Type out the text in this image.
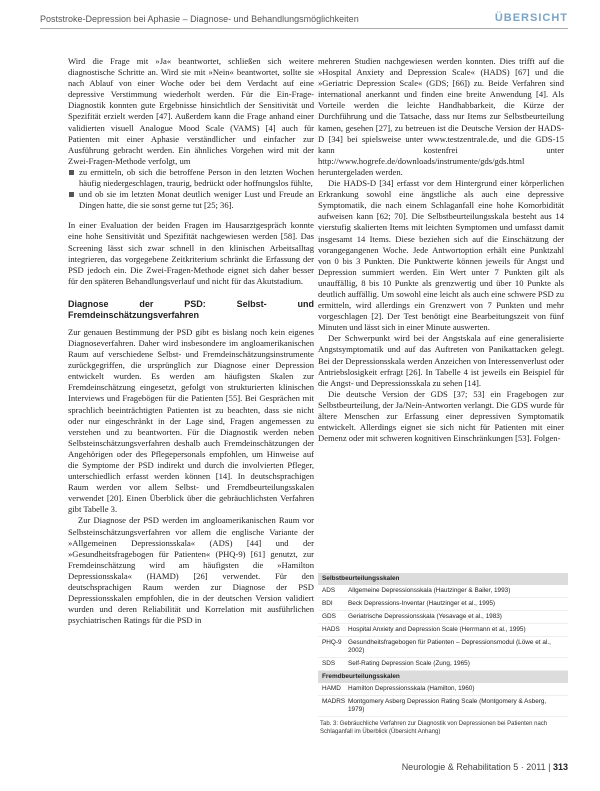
Poststroke-Depression bei Aphasie – Diagnose- und Behandlungsmöglichkeiten	ÜBERSICHT

Wird die Frage mit »Ja« beantwortet, schließen sich weitere diagnostische Schritte an. Wird sie mit »Nein« beantwortet, sollte sie nach Ablauf von einer Woche oder bei dem Verdacht auf eine depressive Verstimmung wiederholt werden. Für die Ein-Frage-Diagnostik konnten gute Ergebnisse hinsichtlich der Sensitivität und Spezifität erzielt werden [47]. Außerdem kann die Frage anhand einer validierten visuell Analogue Mood Scale (VAMS) [4] auch für Patienten mit einer Aphasie verständlicher und einfacher zur Ausführung gebracht werden. Ein ähnliches Vorgehen wird mit der Zwei-Fragen-Methode verfolgt, um

zu ermitteln, ob sich die betroffene Person in den letzten Wochen häufig niedergeschlagen, traurig, bedrückt oder hoffnungslos fühlte,
und ob sie im letzten Monat deutlich weniger Lust und Freude an Dingen hatte, die sie sonst gerne tut [25; 36].

In einer Evaluation der beiden Fragen im Hausarztgespräch konnte eine hohe Sensitivität und Spezifität nachgewiesen werden [58]. Das Screening lässt sich zwar schnell in den klinischen Arbeitsalltag integrieren, das vorgegebene Zeitkriterium schränkt die Erfassung der PSD jedoch ein. Die Zwei-Fragen-Methode eignet sich daher besser für den späteren Behandlungsverlauf und nicht für das Akutstadium.

Diagnose der PSD: Selbst- und Fremdeinschätzungsverfahren

Zur genauen Bestimmung der PSD gibt es bislang noch kein eigenes Diagnoseverfahren. Daher wird insbesondere im angloamerikanischen Raum auf verschiedene Selbst- und Fremdeinschätzungsinstrumente zurückgegriffen, die ursprünglich zur Diagnose einer Depression entwickelt wurden. Es werden am häufigsten Skalen zur Fremdeinschätzung eingesetzt, gefolgt von strukturierten klinischen Interviews und Fragebögen für die Patienten [55]. Bei Gesprächen mit sprachlich beeinträchtigten Patienten ist zu beachten, dass sie nicht oder nur eingeschränkt in der Lage sind, Fragen angemessen zu verstehen und zu beantworten. Für die Diagnostik werden neben Selbsteinschätzungsverfahren deshalb auch Fremdeinschätzungen der Angehörigen oder des Pflegepersonals empfohlen, um Hinweise auf die Symptome der PSD indirekt und durch die involvierten Pfleger, unterschiedlich erfasst werden können [14]. In deutschsprachigen Raum werden vor allem Selbst- und Fremdbeurteilungsskalen verwendet [20]. Einen Überblick über die gebräuchlichsten Verfahren gibt Tabelle 3.

Zur Diagnose der PSD werden im angloamerikanischen Raum vor Selbsteinschätzungsverfahren vor allem die englische Variante der »Allgemeinen Depressionsskala« (ADS) [44] und der »Gesundheitsfragebogen für Patienten« (PHQ-9) [61] genutzt, zur Fremdeinschätzung wird am häufigsten die »Hamilton Depressionsskala« (HAMD) [26] verwendet. Für den deutschsprachigen Raum werden zur Diagnose der PSD Depressionsskalen empfohlen, die in der deutschen Version validiert wurden und deren Reliabilität und Korrelation mit ausführlichen psychiatrischen Ratings für die PSD in

mehreren Studien nachgewiesen werden konnten. Dies trifft auf die »Hospital Anxiety and Depression Scale« (HADS) [67] und die »Geriatric Depression Scale« (GDS; [66]) zu. Beide Verfahren sind international anerkannt und finden eine breite Anwendung [4]. Als Vorteile werden die leichte Handhabbarkeit, die Kürze der Durchführung und die Tatsache, dass nur Items zur Selbstbeurteilung kamen, gesehen [27], zu betreuen ist die Deutsche Version der HADS-D [34] bei spielsweise unter www.testzentrale.de, und die GDS-15 kann kostenfrei unter http://www.hogrefe.de/downloads/instrumente/gds/gds.html heruntergeladen werden.

Die HADS-D [34] erfasst vor dem Hintergrund einer körperlichen Erkrankung sowohl eine ängstliche als auch eine depressive Symptomatik, die nach einem Schlaganfall eine hohe Komorbidität aufweisen kann [62; 70]. Die Selbstbeurteilungsskala besteht aus 14 vierstufig skalierten Items mit leichten Symptomen und umfasst damit insgesamt 14 Items. Diese beziehen sich auf die Einschätzung der vorangegangenen Woche. Jede Antwortoption erhält eine Punktzahl von 0 bis 3 Punkten. Die Punktwerte können jeweils für Angst und Depression summiert werden. Ein Wert unter 7 Punkten gilt als unauffällig, 8 bis 10 Punkte als grenzwertig und über 10 Punkte als deutlich auffällig. Um sowohl eine leicht als auch eine schwere PSD zu ermitteln, wird allerdings ein Grenzwert von 7 Punkten und mehr vorgeschlagen [2]. Der Test benötigt eine Bearbeitungszeit von fünf Minuten und lässt sich in einer Minute auswerten.

Der Schwerpunkt wird bei der Angstskala auf eine generalisierte Angstsymptomatik und auf das Auftreten von Panikattacken gelegt. Bei der Depressionsskala werden Anzeichen von Interessenverlust oder Antriebslosigkeit erfragt [26]. In Tabelle 4 ist jeweils ein Beispiel für die Angst- und Depressionsskala zu sehen [14].

Die deutsche Version der GDS [37; 53] ein Fragebogen zur Selbstbeurteilung, der Ja/Nein-Antworten verlangt. Die GDS wurde für ältere Menschen zur Erfassung einer depressiven Symptomatik entwickelt. Allerdings eignet sie sich nicht für Patienten mit einer Demenz oder mit schweren kognitiven Einschränkungen [53]. Folgen-

Selbstbeurteilungsskalen
ADS	Allgemeine Depressionsskala (Hautzinger & Bailer, 1993)
BDI	Beck Depressions-Inventar (Hautzinger et al., 1995)
GDS	Geriatrische Depressionsskala (Yesavage et al., 1983)
HADS	Hospital Anxiety and Depression Scale (Herrmann et al., 1995)
PHQ-9	Gesundheitsfragebogen für Patienten – Depressionsmodul (Löwe et al., 2002)
SDS	Self-Rating Depression Scale (Zung, 1965)
Fremdbeurteilungsskalen
HAMD	Hamilton Depressionsskala (Hamilton, 1960)
MADRS Montgomery Asberg Depression Rating Scale (Montgomery & Asberg, 1979)
Tab. 3: Gebräuchliche Verfahren zur Diagnostik von Depressionen bei Patienten nach Schlaganfall im Überblick (Übersicht Anhang)
Neurologie & Rehabilitation 5 · 2011 | 313
